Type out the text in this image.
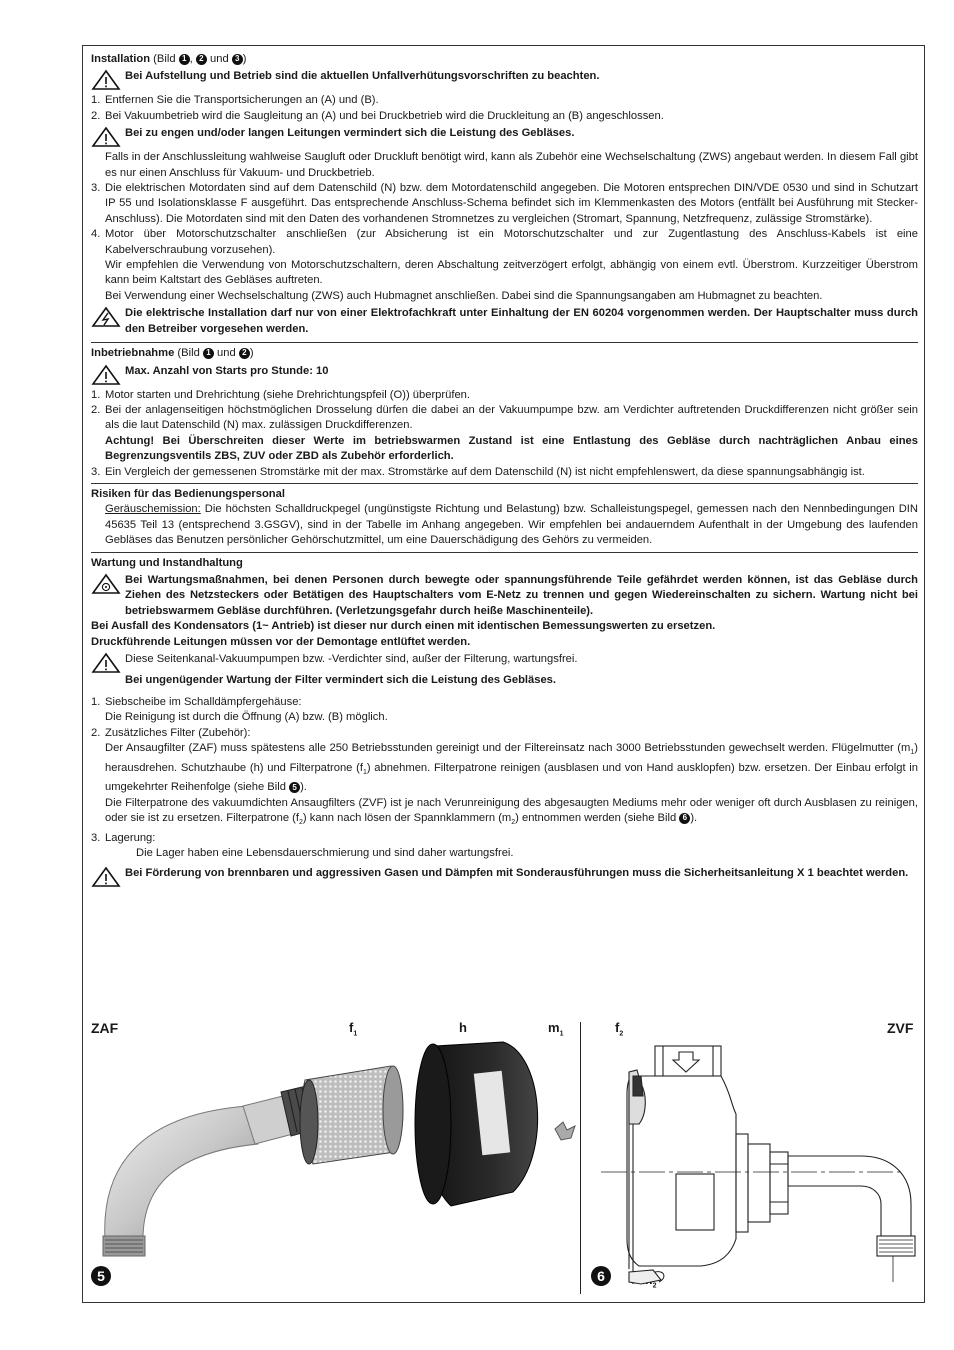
Installation (Bild 1 , 2 und 3 )
Bei Aufstellung und Betrieb sind die aktuellen Unfallverhütungsvorschriften zu beachten.
1. Entfernen Sie die Transportsicherungen an (A) und (B).
2. Bei Vakuumbetrieb wird die Saugleitung an (A) und bei Druckbetrieb wird die Druckleitung an (B) angeschlossen.
Bei zu engen und/oder langen Leitungen vermindert sich die Leistung des Gebläses.

Falls in der Anschlussleitung wahlweise Saugluft oder Druckluft benötigt wird, kann als Zubehör eine Wechselschaltung (ZWS) angebaut werden. In diesem Fall gibt es nur einen Anschluss für Vakuum- und Druckbetrieb.

3. Die elektrischen Motordaten sind auf dem Datenschild (N) bzw. dem Motordatenschild angegeben. Die Motoren entsprechen DIN/VDE 0530 und sind in Schutzart IP 55 und Isolationsklasse F ausgeführt. Das entsprechende Anschluss-Schema befindet sich im Klemmenkasten des Motors (entfällt bei Ausführung mit Stecker-Anschluss). Die Motordaten sind mit den Daten des vorhandenen Stromnetzes zu vergleichen (Stromart, Spannung, Netzfrequenz, zulässige Stromstärke).
4. Motor über Motorschutzschalter anschließen (zur Absicherung ist ein Motorschutzschalter und zur Zugentlastung des Anschluss-Kabels ist eine Kabelverschraubung vorzusehen).

Wir empfehlen die Verwendung von Motorschutzschaltern, deren Abschaltung zeitverzögert erfolgt, abhängig von einem evtl. Überstrom. Kurzzeitiger Überstrom kann beim Kaltstart des Gebläses auftreten.

Bei Verwendung einer Wechselschaltung (ZWS) auch Hubmagnet anschließen. Dabei sind die Spannungsangaben am Hubmagnet zu beachten.

Die elektrische Installation darf nur von einer Elektrofachkraft unter Einhaltung der EN 60204 vorgenommen werden. Der Hauptschalter muss durch den Betreiber vorgesehen werden.
Inbetriebnahme (Bild 1 und 2 )
Max. Anzahl von Starts pro Stunde: 10
1. Motor starten und Drehrichtung (siehe Drehrichtungspfeil (O)) überprüfen.
2. Bei der anlagenseitigen höchstmöglichen Drosselung dürfen die dabei an der Vakuumpumpe bzw. am Verdichter auftretenden Druckdifferenzen nicht größer sein als die laut Datenschild (N) max. zulässigen Druckdifferenzen.

Achtung! Bei Überschreiten dieser Werte im betriebswarmen Zustand ist eine Entlastung des Gebläse durch nachträglichen Anbau eines Begrenzungsventils ZBS, ZUV oder ZBD als Zubehör erforderlich.

3. Ein Vergleich der gemessenen Stromstärke mit der max. Stromstärke auf dem Datenschild (N) ist nicht empfehlenswert, da diese spannungsabhängig ist.
Risiken für das Bedienungspersonal

Geräuschemission: Die höchsten Schalldruckpegel (ungünstigste Richtung und Belastung) bzw. Schalleistungspegel, gemessen nach den Nennbedingungen DIN 45635 Teil 13 (entsprechend 3.GSGV), sind in der Tabelle im Anhang angegeben. Wir empfehlen bei andauerndem Aufenthalt in der Umgebung des laufenden Gebläses das Benutzen persönlicher Gehörschutzmittel, um eine Dauerschädigung des Gehörs zu vermeiden.

Wartung und Instandhaltung
Bei Wartungsmaßnahmen, bei denen Personen durch bewegte oder spannungsführende Teile gefährdet werden können, ist das Gebläse durch Ziehen des Netzsteckers oder Betätigen des Hauptschalters vom E-Netz zu trennen und gegen Wiedereinschalten zu sichern. Wartung nicht bei betriebswarmem Gebläse durchführen. (Verletzungsgefahr durch heiße Maschinenteile).

Bei Ausfall des Kondensators (1~ Antrieb) ist dieser nur durch einen mit identischen Bemessungswerten zu ersetzen.

Druckführende Leitungen müssen vor der Demontage entlüftet werden.

Diese Seitenkanal-Vakuumpumpen bzw. -Verdichter sind, außer der Filterung, wartungsfrei.
Bei ungenügender Wartung der Filter vermindert sich die Leistung des Gebläses.
1. Siebscheibe im Schalldämpfergehäuse:

Die Reinigung ist durch die Öffnung (A) bzw. (B) möglich.

2. Zusätzliches Filter (Zubehör):

Der Ansaugfilter (ZAF) muss spätestens alle 250 Betriebsstunden gereinigt und der Filtereinsatz nach 3000 Betriebsstunden gewechselt werden. Flügelmutter $(m_1)$ herausdrehen. Schutzhaube (h) und Filterpatrone $(f_1)$ abnehmen. Filterpatrone reinigen (ausblasen und von Hand ausklopfen) bzw. ersetzen. Der Einbau erfolgt in umgekehrter Reihenfolge (siehe Bild 5 ).

Die Filterpatrone des vakuumdichten Ansaugfilters (ZVF) ist je nach Verunreinigung des abgesaugten Mediums mehr oder weniger oft durch Ausblasen zu reinigen, oder sie ist zu ersetzen. Filterpatrone $(f_2)$ kann nach lösen der Spannklammern $(m_2)$ entnommen werden (siehe Bild 6 ).

3. Lagerung:

Die Lager haben eine Lebensdauerschmierung und sind daher wartungsfrei.

Bei Förderung von brennbaren und aggressiven Gasen und Dämpfen mit Sonderausführungen muss die Sicherheitsanleitung X 1 beachtet werden.
ZAF	$f_1$	h	$m_1$
5
$f_2$	ZVF
$_2$
6
